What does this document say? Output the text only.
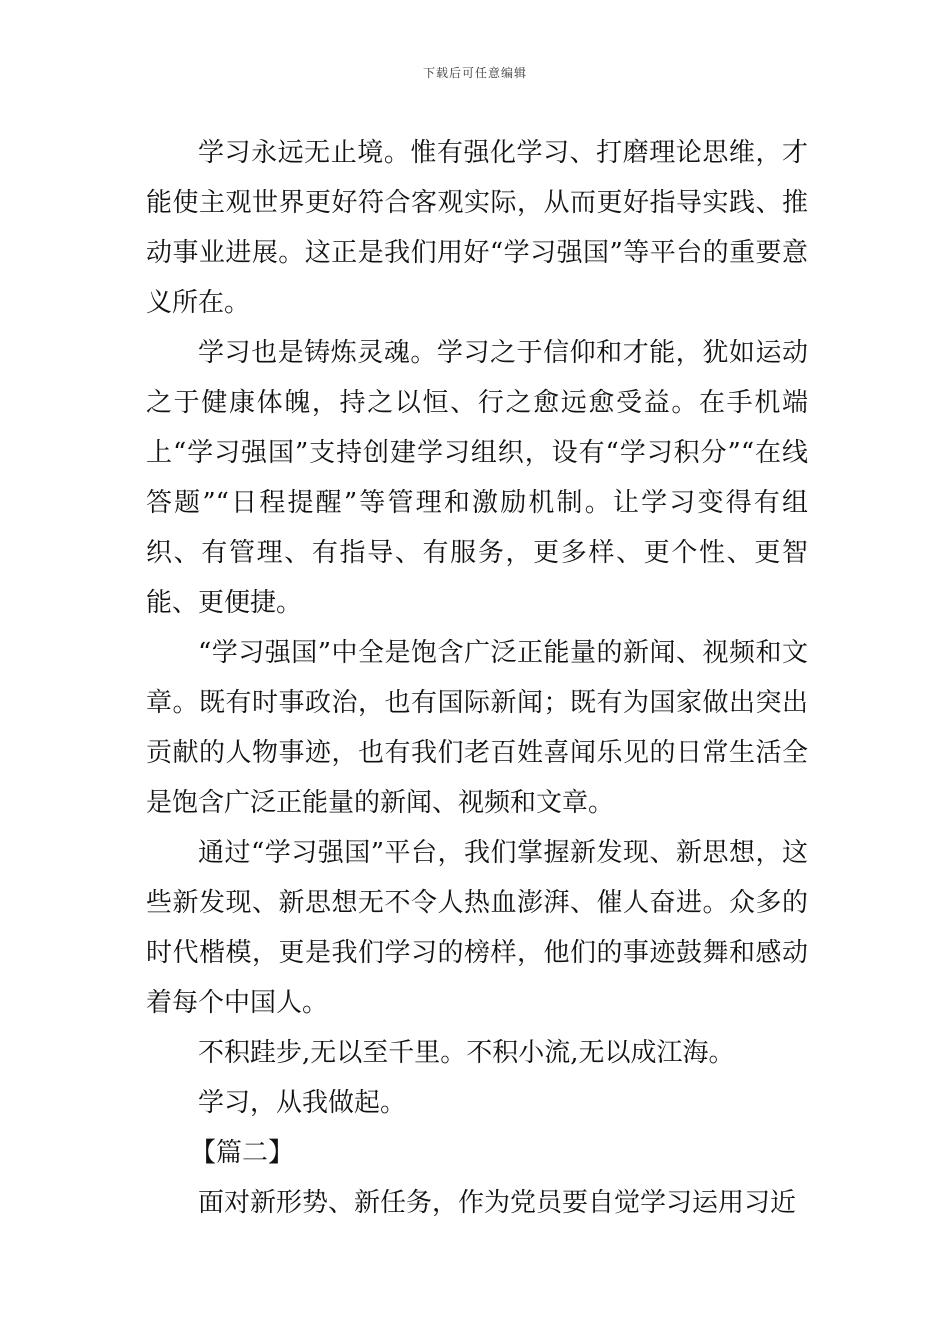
下载后可任意编辑

学习永远无止境。惟有强化学习、打磨理论思维，才能使主观世界更好符合客观实际，从而更好指导实践、推动事业进展。这正是我们用好“学习强国”等平台的重要意义所在。

学习也是铸炼灵魂。学习之于信仰和才能，犹如运动之于健康体魄，持之以恒、行之愈远愈受益。在手机端上“学习强国”支持创建学习组织，设有“学习积分”“在线答题”“日程提醒”等管理和激励机制。让学习变得有组织、有管理、有指导、有服务，更多样、更个性、更智能、更便捷。

“学习强国”中全是饱含广泛正能量的新闻、视频和文章。既有时事政治，也有国际新闻；既有为国家做出突出贡献的人物事迹，也有我们老百姓喜闻乐见的日常生活全是饱含广泛正能量的新闻、视频和文章。

通过“学习强国”平台，我们掌握新发现、新思想，这些新发现、新思想无不令人热血澎湃、催人奋进。众多的时代楷模，更是我们学习的榜样，他们的事迹鼓舞和感动着每个中国人。

不积跬步,无以至千里。不积小流,无以成江海。

学习，从我做起。

【篇二】

面对新形势、新任务，作为党员要自觉学习运用习近
